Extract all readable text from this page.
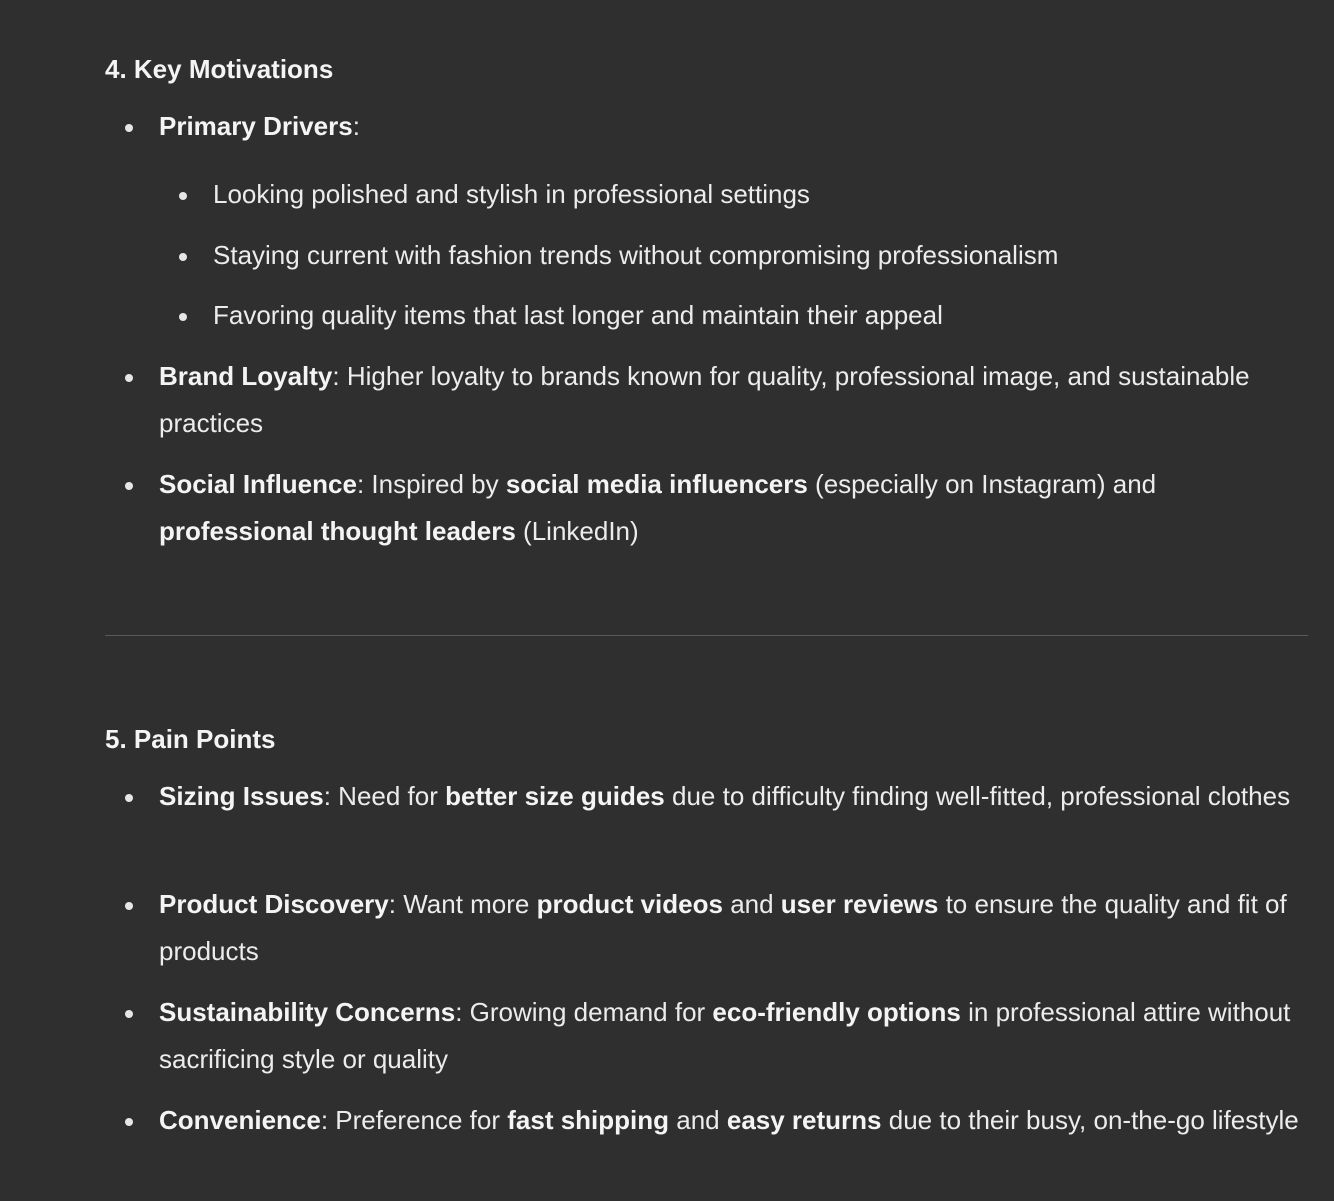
4. Key Motivations

Primary Drivers:

Looking polished and stylish in professional settings

Staying current with fashion trends without compromising professionalism

Favoring quality items that last longer and maintain their appeal

Brand Loyalty: Higher loyalty to brands known for quality, professional image, and sustainable practices

Social Influence: Inspired by social media influencers (especially on Instagram) and professional thought leaders (LinkedIn)

5. Pain Points

Sizing Issues: Need for better size guides due to difficulty finding well-fitted, professional clothes

Product Discovery: Want more product videos and user reviews to ensure the quality and fit of products

Sustainability Concerns: Growing demand for eco-friendly options in professional attire without sacrificing style or quality

Convenience: Preference for fast shipping and easy returns due to their busy, on-the-go lifestyle
